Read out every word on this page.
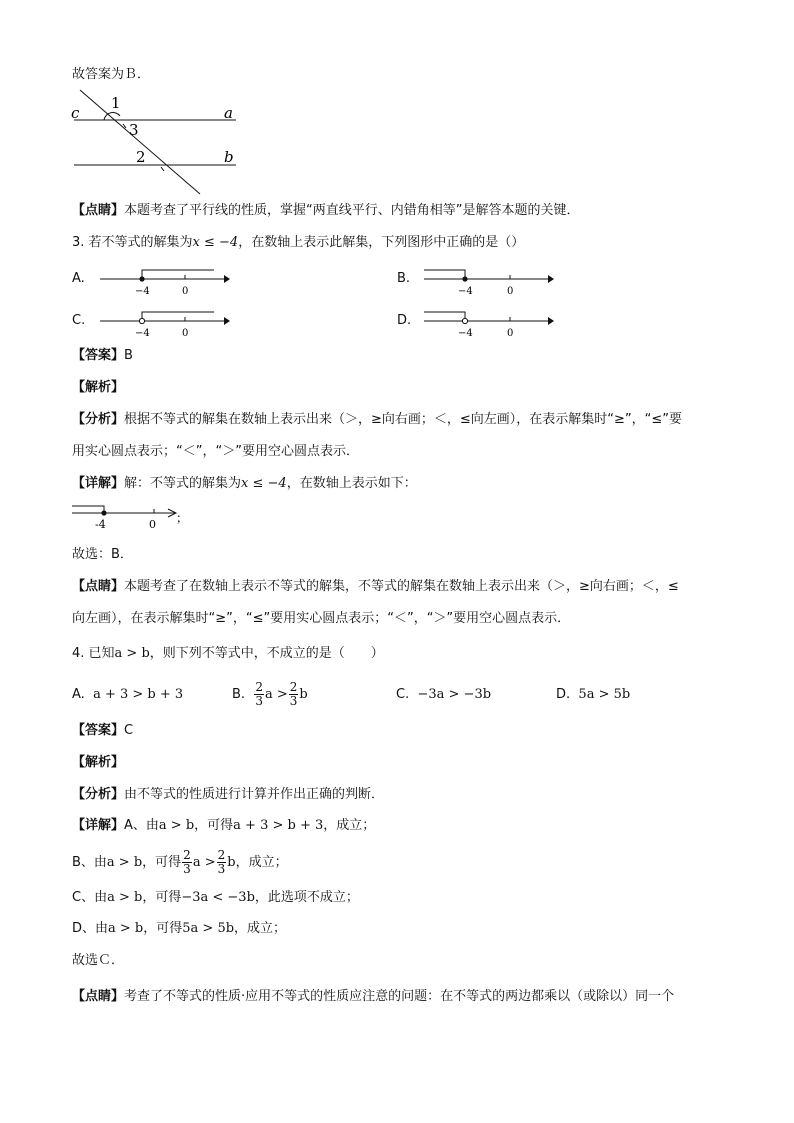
故答案为Ｂ．
c	a
b
1
3
2
【点睛】本题考查了平行线的性质，掌握“两直线平行、内错角相等”是解答本题的关键．
3. 若不等式的解集为x ≤ −4，在数轴上表示此解集，下列图形中正确的是（）
A.
−4	0
B.
−4	0
C.
−4	0
D.
−4	0
【答案】B
【解析】
【分析】根据不等式的解集在数轴上表示出来（＞，≥向右画；＜，≤向左画），在表示解集时“≥”，“≤”要
用实心圆点表示；“＜”，“＞”要用空心圆点表示．
【详解】解：不等式的解集为x ≤ −4，在数轴上表示如下：
-4	0 ；
故选：B．
【点睛】本题考查了在数轴上表示不等式的解集，不等式的解集在数轴上表示出来（＞，≥向右画；＜，≤
向左画），在表示解集时“≥”，“≤”要用实心圆点表示；“＜”，“＞”要用空心圆点表示．
4. 已知a > b，则下列不等式中，不成立的是（　　）
A. a + 3 > b + 3	B. $\frac{2}{3}$ $a > \frac{2}{3}$ b	C. −3a > −3b	D. 5a > 5b
【答案】C
【解析】
【分析】由不等式的性质进行计算并作出正确的判断．
【详解】A、由a > b，可得a + 3 > b + 3，成立；
B、由a > b，可得 $\frac{2}{3}$ $a > \frac{2}{3}$ b，成立；
C、由a > b，可得−3a < −3b，此选项不成立；
D、由a > b，可得5a > 5b，成立；
故选Ｃ．
【点睛】考查了不等式的性质·应用不等式的性质应注意的问题：在不等式的两边都乘以（或除以）同一个
